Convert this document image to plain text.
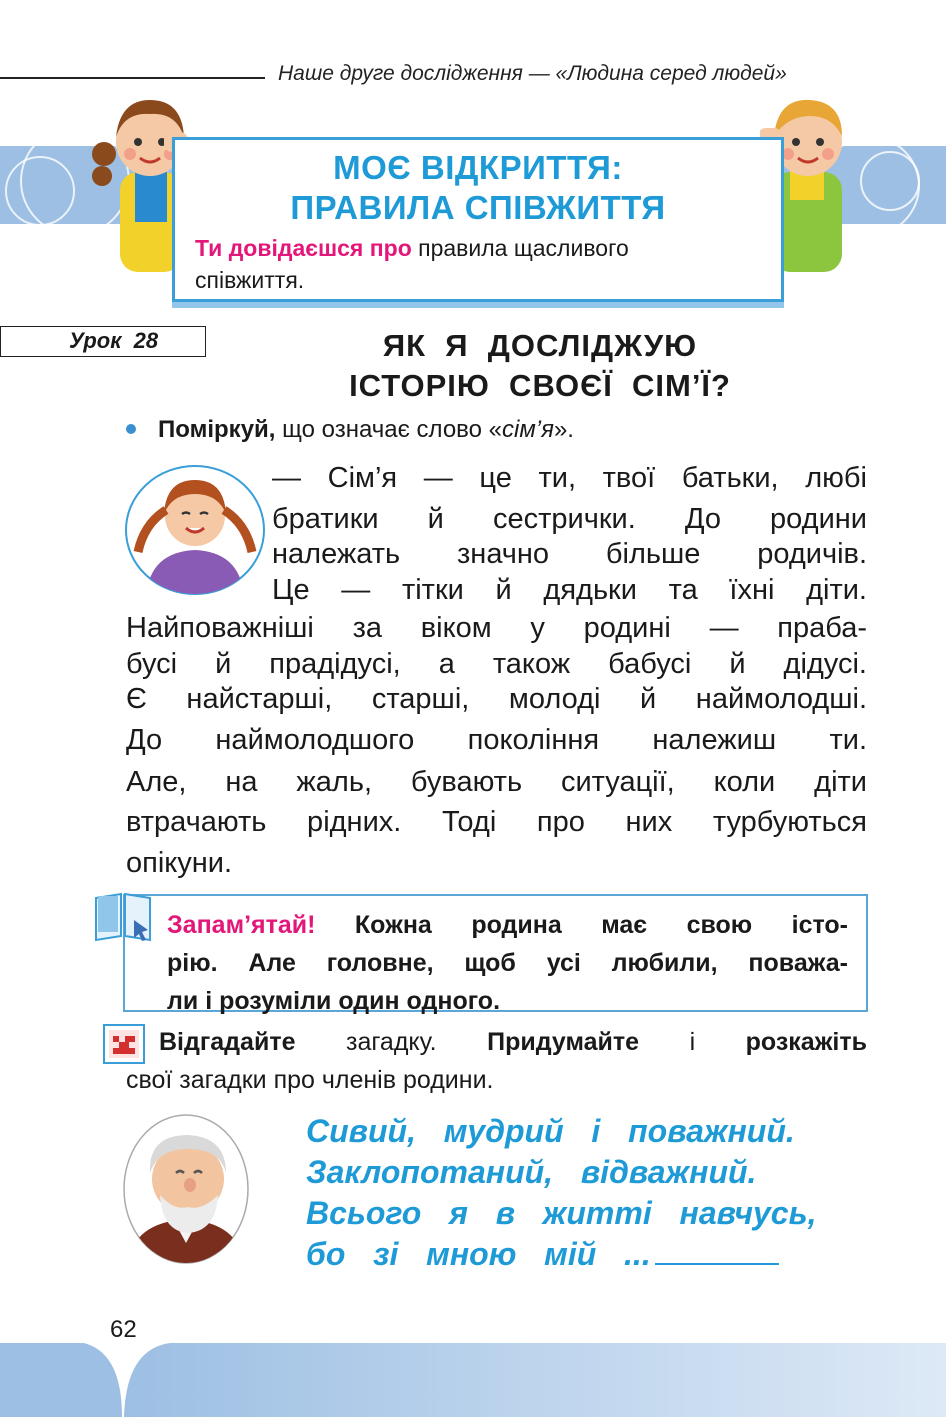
Наше друге дослідження — «Людина серед людей»
МОЄ ВІДКРИТТЯ:
ПРАВИЛА СПІВЖИТТЯ

Ти довідаєшся про правила щасливого
співжиття.

Урок  28	ЯК  Я  ДОСЛІДЖУЮ
ІСТОРІЮ  СВОЄЇ  СІМ’Ї?
Поміркуй, що означає слово «сім’я».
— Сім’я — це ти, твої батьки, любі
братики й сестрички. До родини
належать значно більше родичів.
Це — тітки й дядьки та їхні діти.
Найповажніші за віком у родині — праба-
бусі й прадідусі, а також бабусі й дідусі.
Є найстарші, старші, молоді й наймолодші.
До наймолодшого покоління належиш ти.
Але, на жаль, бувають ситуації, коли діти
втрачають рідних. Тоді про них турбуються
опікуни.
Запам’ятай! Кожна родина має свою істо-
рію. Але головне, щоб усі любили, поважа-
ли і розуміли один одного.
Відгадайте загадку. Придумайте і розкажіть
свої загадки про членів родини.
Сивий,  мудрий  і  поважний.
Заклопотаний,  відважний.
Всього  я  в  житті  навчусь,
бо  зі  мною  мій  ...
62
